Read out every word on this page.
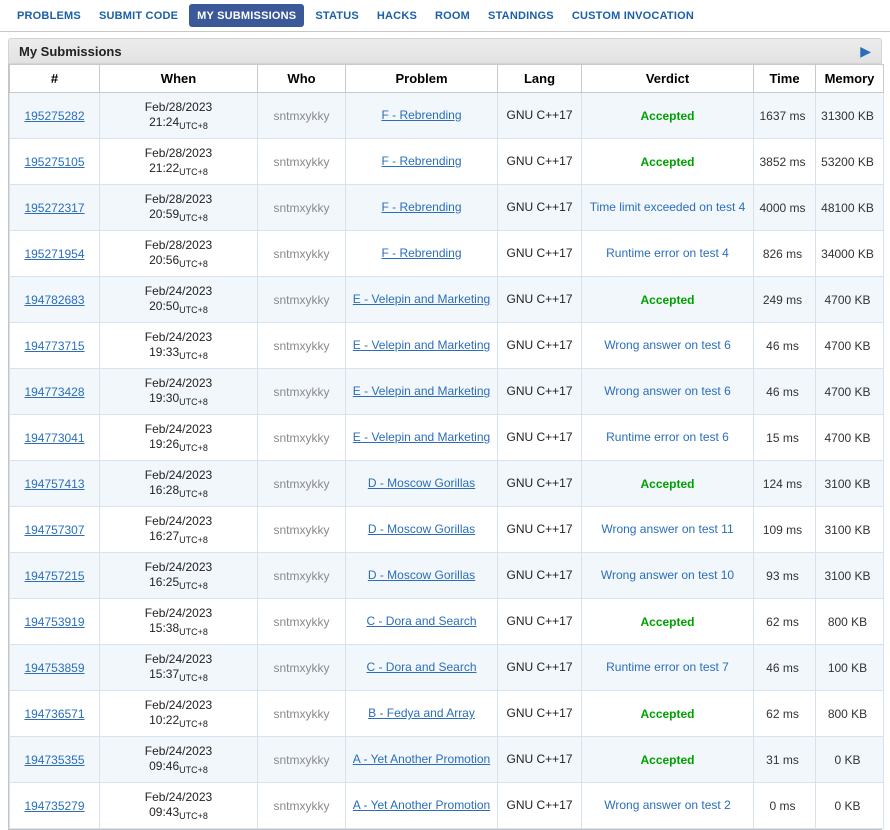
PROBLEMS	SUBMIT CODE	MY SUBMISSIONS	STATUS	HACKS	ROOM	STANDINGS	CUSTOM INVOCATION
My Submissions	▶
#	When	Who	Problem	Lang	Verdict	Time	Memory
195275282	Feb/28/2023
$21:24_{UTC+8}$	sntmxykky	F - Rebrending	GNU C++17	Accepted	1637 ms	31300 KB
195275105	Feb/28/2023
$21:22_{UTC+8}$	sntmxykky	F - Rebrending	GNU C++17	Accepted	3852 ms	53200 KB
195272317	Feb/28/2023
$20:59_{UTC+8}$	sntmxykky	F - Rebrending	GNU C++17	Time limit exceeded on test 4	4000 ms	48100 KB
195271954	Feb/28/2023
$20:56_{UTC+8}$	sntmxykky	F - Rebrending	GNU C++17	Runtime error on test 4	826 ms	34000 KB
194782683	Feb/24/2023
$20:50_{UTC+8}$	sntmxykky	E - Velepin and Marketing	GNU C++17	Accepted	249 ms	4700 KB
194773715	Feb/24/2023
$19:33_{UTC+8}$	sntmxykky	E - Velepin and Marketing	GNU C++17	Wrong answer on test 6	46 ms	4700 KB
194773428	Feb/24/2023
$19:30_{UTC+8}$	sntmxykky	E - Velepin and Marketing	GNU C++17	Wrong answer on test 6	46 ms	4700 KB
194773041	Feb/24/2023
$19:26_{UTC+8}$	sntmxykky	E - Velepin and Marketing	GNU C++17	Runtime error on test 6	15 ms	4700 KB
194757413	Feb/24/2023
$16:28_{UTC+8}$	sntmxykky	D - Moscow Gorillas	GNU C++17	Accepted	124 ms	3100 KB
194757307	Feb/24/2023
$16:27_{UTC+8}$	sntmxykky	D - Moscow Gorillas	GNU C++17	Wrong answer on test 11	109 ms	3100 KB
194757215	Feb/24/2023
$16:25_{UTC+8}$	sntmxykky	D - Moscow Gorillas	GNU C++17	Wrong answer on test 10	93 ms	3100 KB
194753919	Feb/24/2023
$15:38_{UTC+8}$	sntmxykky	C - Dora and Search	GNU C++17	Accepted	62 ms	800 KB
194753859	Feb/24/2023
$15:37_{UTC+8}$	sntmxykky	C - Dora and Search	GNU C++17	Runtime error on test 7	46 ms	100 KB
194736571	Feb/24/2023
$10:22_{UTC+8}$	sntmxykky	B - Fedya and Array	GNU C++17	Accepted	62 ms	800 KB
194735355	Feb/24/2023
$09:46_{UTC+8}$	sntmxykky	A - Yet Another Promotion	GNU C++17	Accepted	31 ms	0 KB
194735279	Feb/24/2023
$09:43_{UTC+8}$	sntmxykky	A - Yet Another Promotion	GNU C++17	Wrong answer on test 2	0 ms	0 KB
